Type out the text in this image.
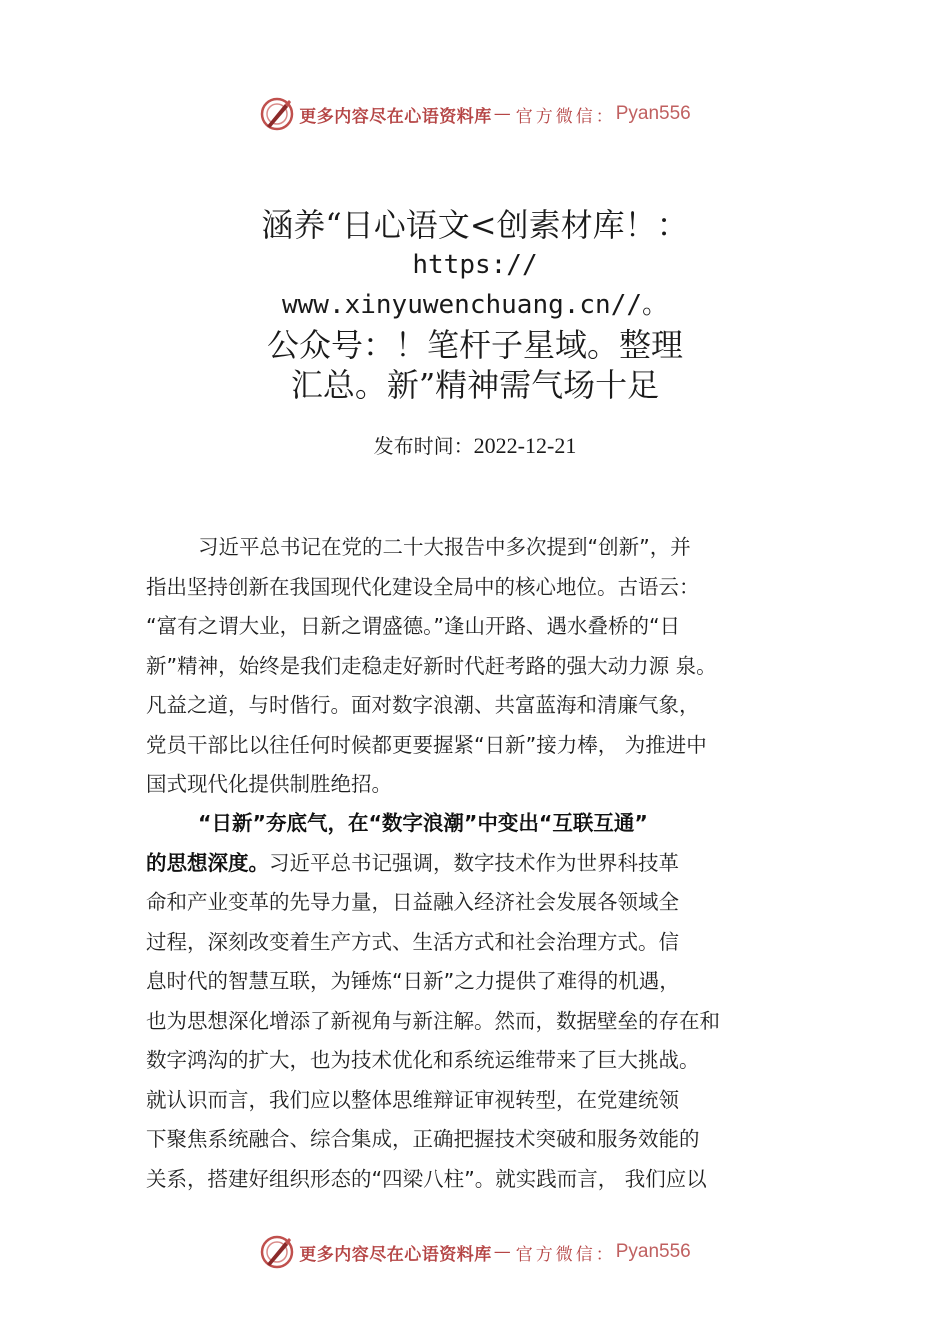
更多内容尽在心语资料库 — 官方微信： Pyan556
涵养“日心语文<创素材库！：
https://
www.xinyuwenchuang.cn//。
公众号：！笔杆子星域。整理
汇总。新”精神需气场十足
发布时间：2022-12-21
习近平总书记在党的二十大报告中多次提到“创新”，并
指出坚持创新在我国现代化建设全局中的核心地位。古语云：
“富有之谓大业，日新之谓盛德。”逢山开路、遇水叠桥的“日
新”精神，始终是我们走稳走好新时代赶考路的强大动力源 泉。
凡益之道，与时偕行。面对数字浪潮、共富蓝海和清廉气象，
党员干部比以往任何时候都更要握紧“日新”接力棒， 为推进中
国式现代化提供制胜绝招。
“日新”夯底气，在“数字浪潮”中变出“互联互通”
的思想深度。习近平总书记强调，数字技术作为世界科技革
命和产业变革的先导力量，日益融入经济社会发展各领域全
过程，深刻改变着生产方式、生活方式和社会治理方式。信
息时代的智慧互联，为锤炼“日新”之力提供了难得的机遇，
也为思想深化增添了新视角与新注解。然而，数据壁垒的存在和
数字鸿沟的扩大，也为技术优化和系统运维带来了巨大挑战。
就认识而言，我们应以整体思维辩证审视转型，在党建统领
下聚焦系统融合、综合集成，正确把握技术突破和服务效能的
关系，搭建好组织形态的“四梁八柱”。就实践而言， 我们应以
更多内容尽在心语资料库 — 官方微信： Pyan556
